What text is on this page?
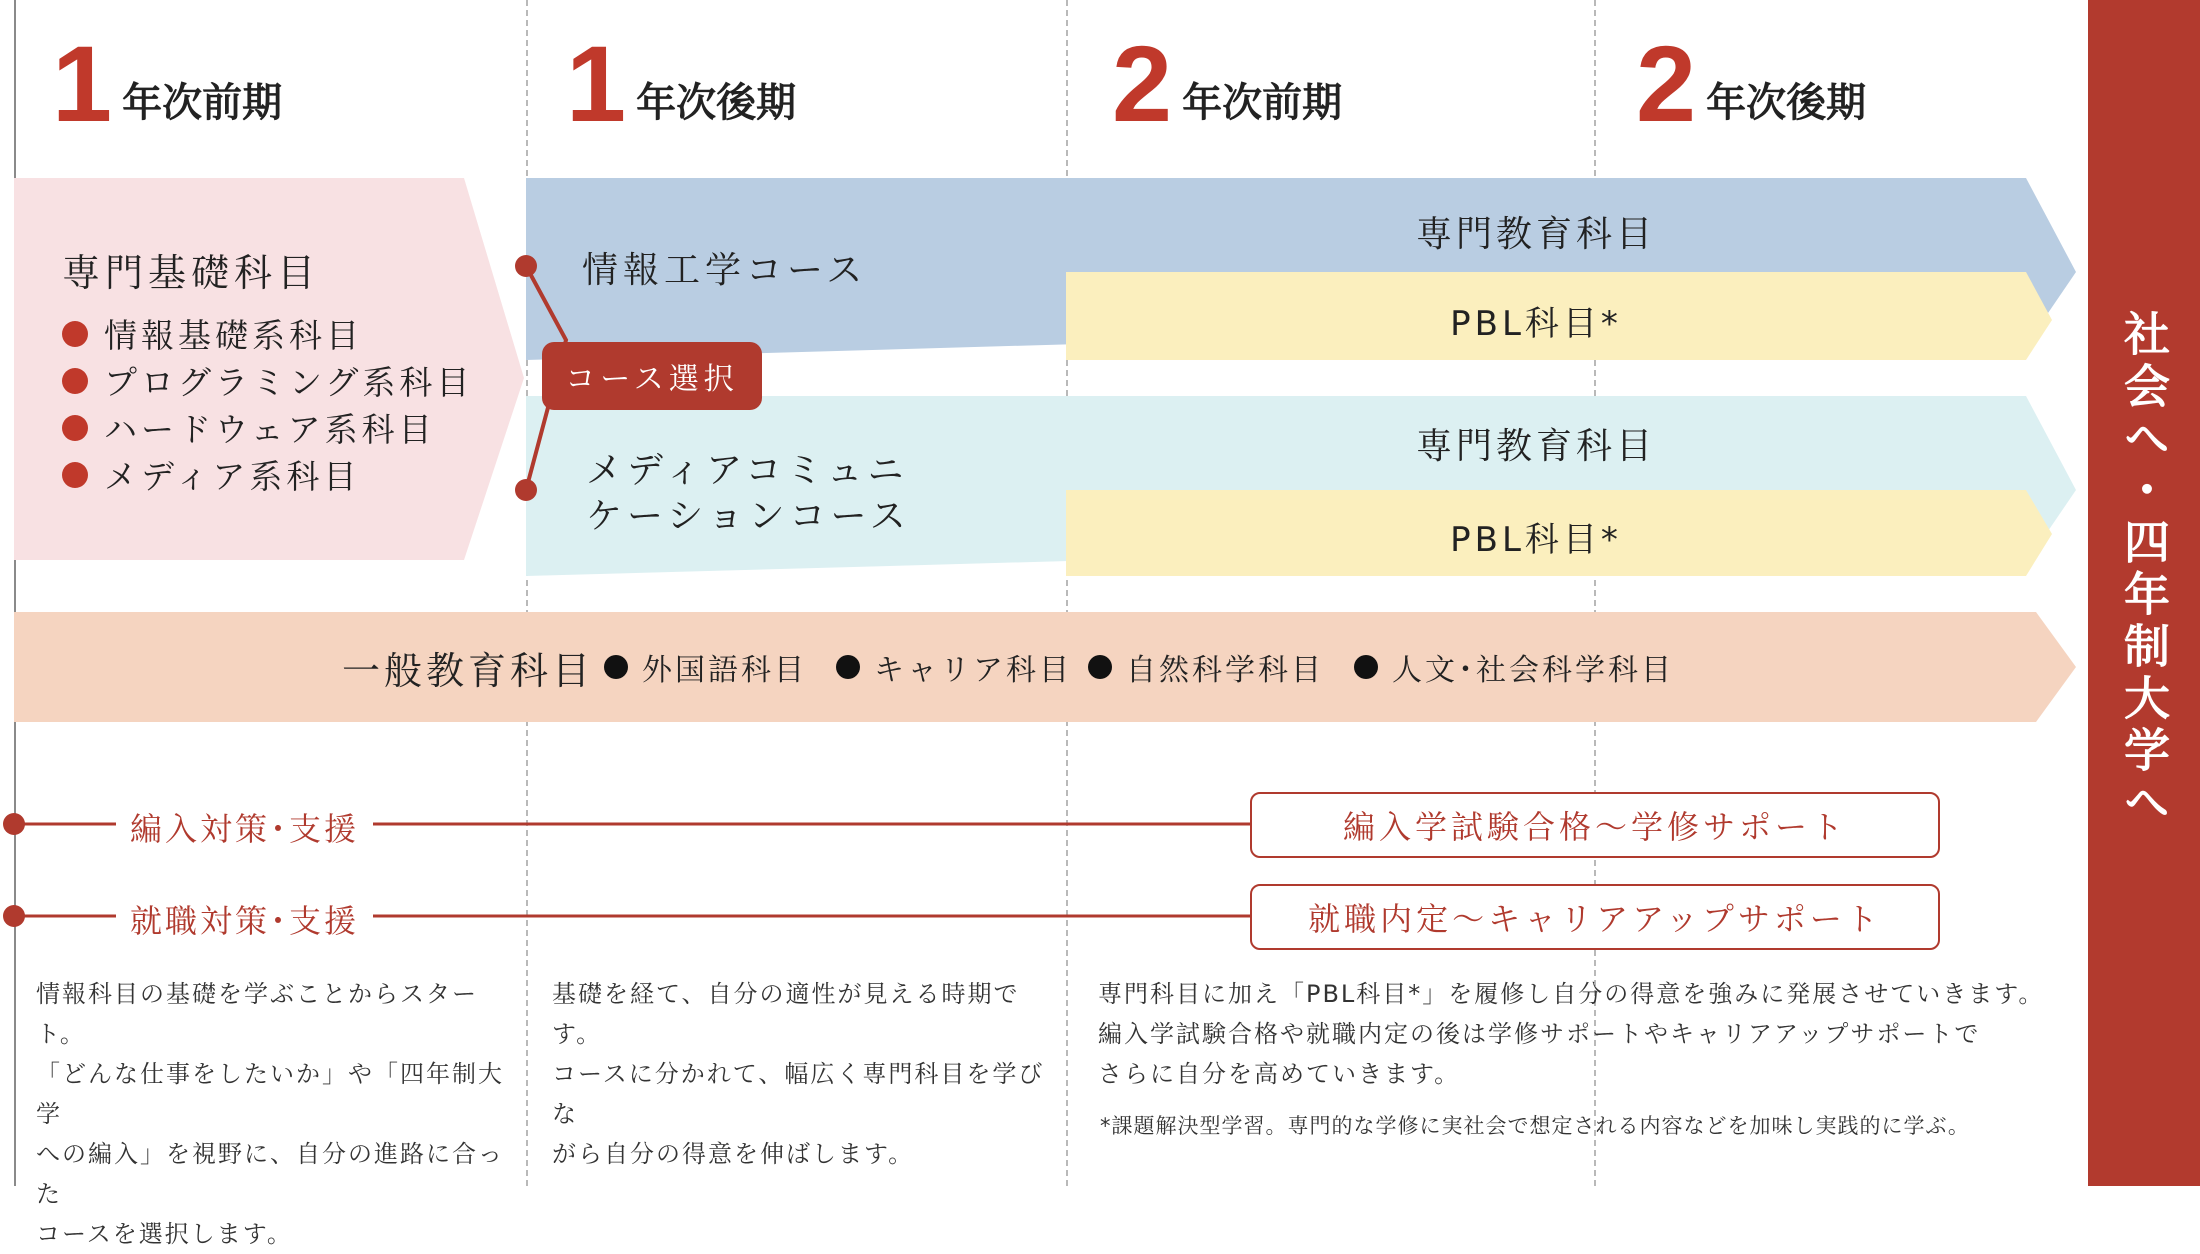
1 年次前期	1 年次後期	2 年次前期	2 年次後期
専門基礎科目
情報基礎系科目
プログラミング系科目
ハードウェア系科目
メディア系科目
コース選択
情報工学コース
メディアコミュニ
ケーションコース
専門教育科目
PBL科目*
専門教育科目
PBL科目*
一般教育科目 外国語科目 キャリア科目 自然科学科目 人文･社会科学科目
編入対策･支援	編入学試験合格〜学修サポート
就職対策･支援	就職内定〜キャリアアップサポート
情報科目の基礎を学ぶことからスタート。
「どんな仕事をしたいか」や「四年制大学
への編入」を視野に、自分の進路に合った
コースを選択します。
基礎を経て、自分の適性が見える時期です。
コースに分かれて、幅広く専門科目を学びな
がら自分の得意を伸ばします。
専門科目に加え「PBL科目*」を履修し自分の得意を強みに発展させていきます。
編入学試験合格や就職内定の後は学修サポートやキャリアアップサポートで
さらに自分を高めていきます。
*課題解決型学習。専門的な学修に実社会で想定される内容などを加味し実践的に学ぶ。
社会へ・四年制大学へ
